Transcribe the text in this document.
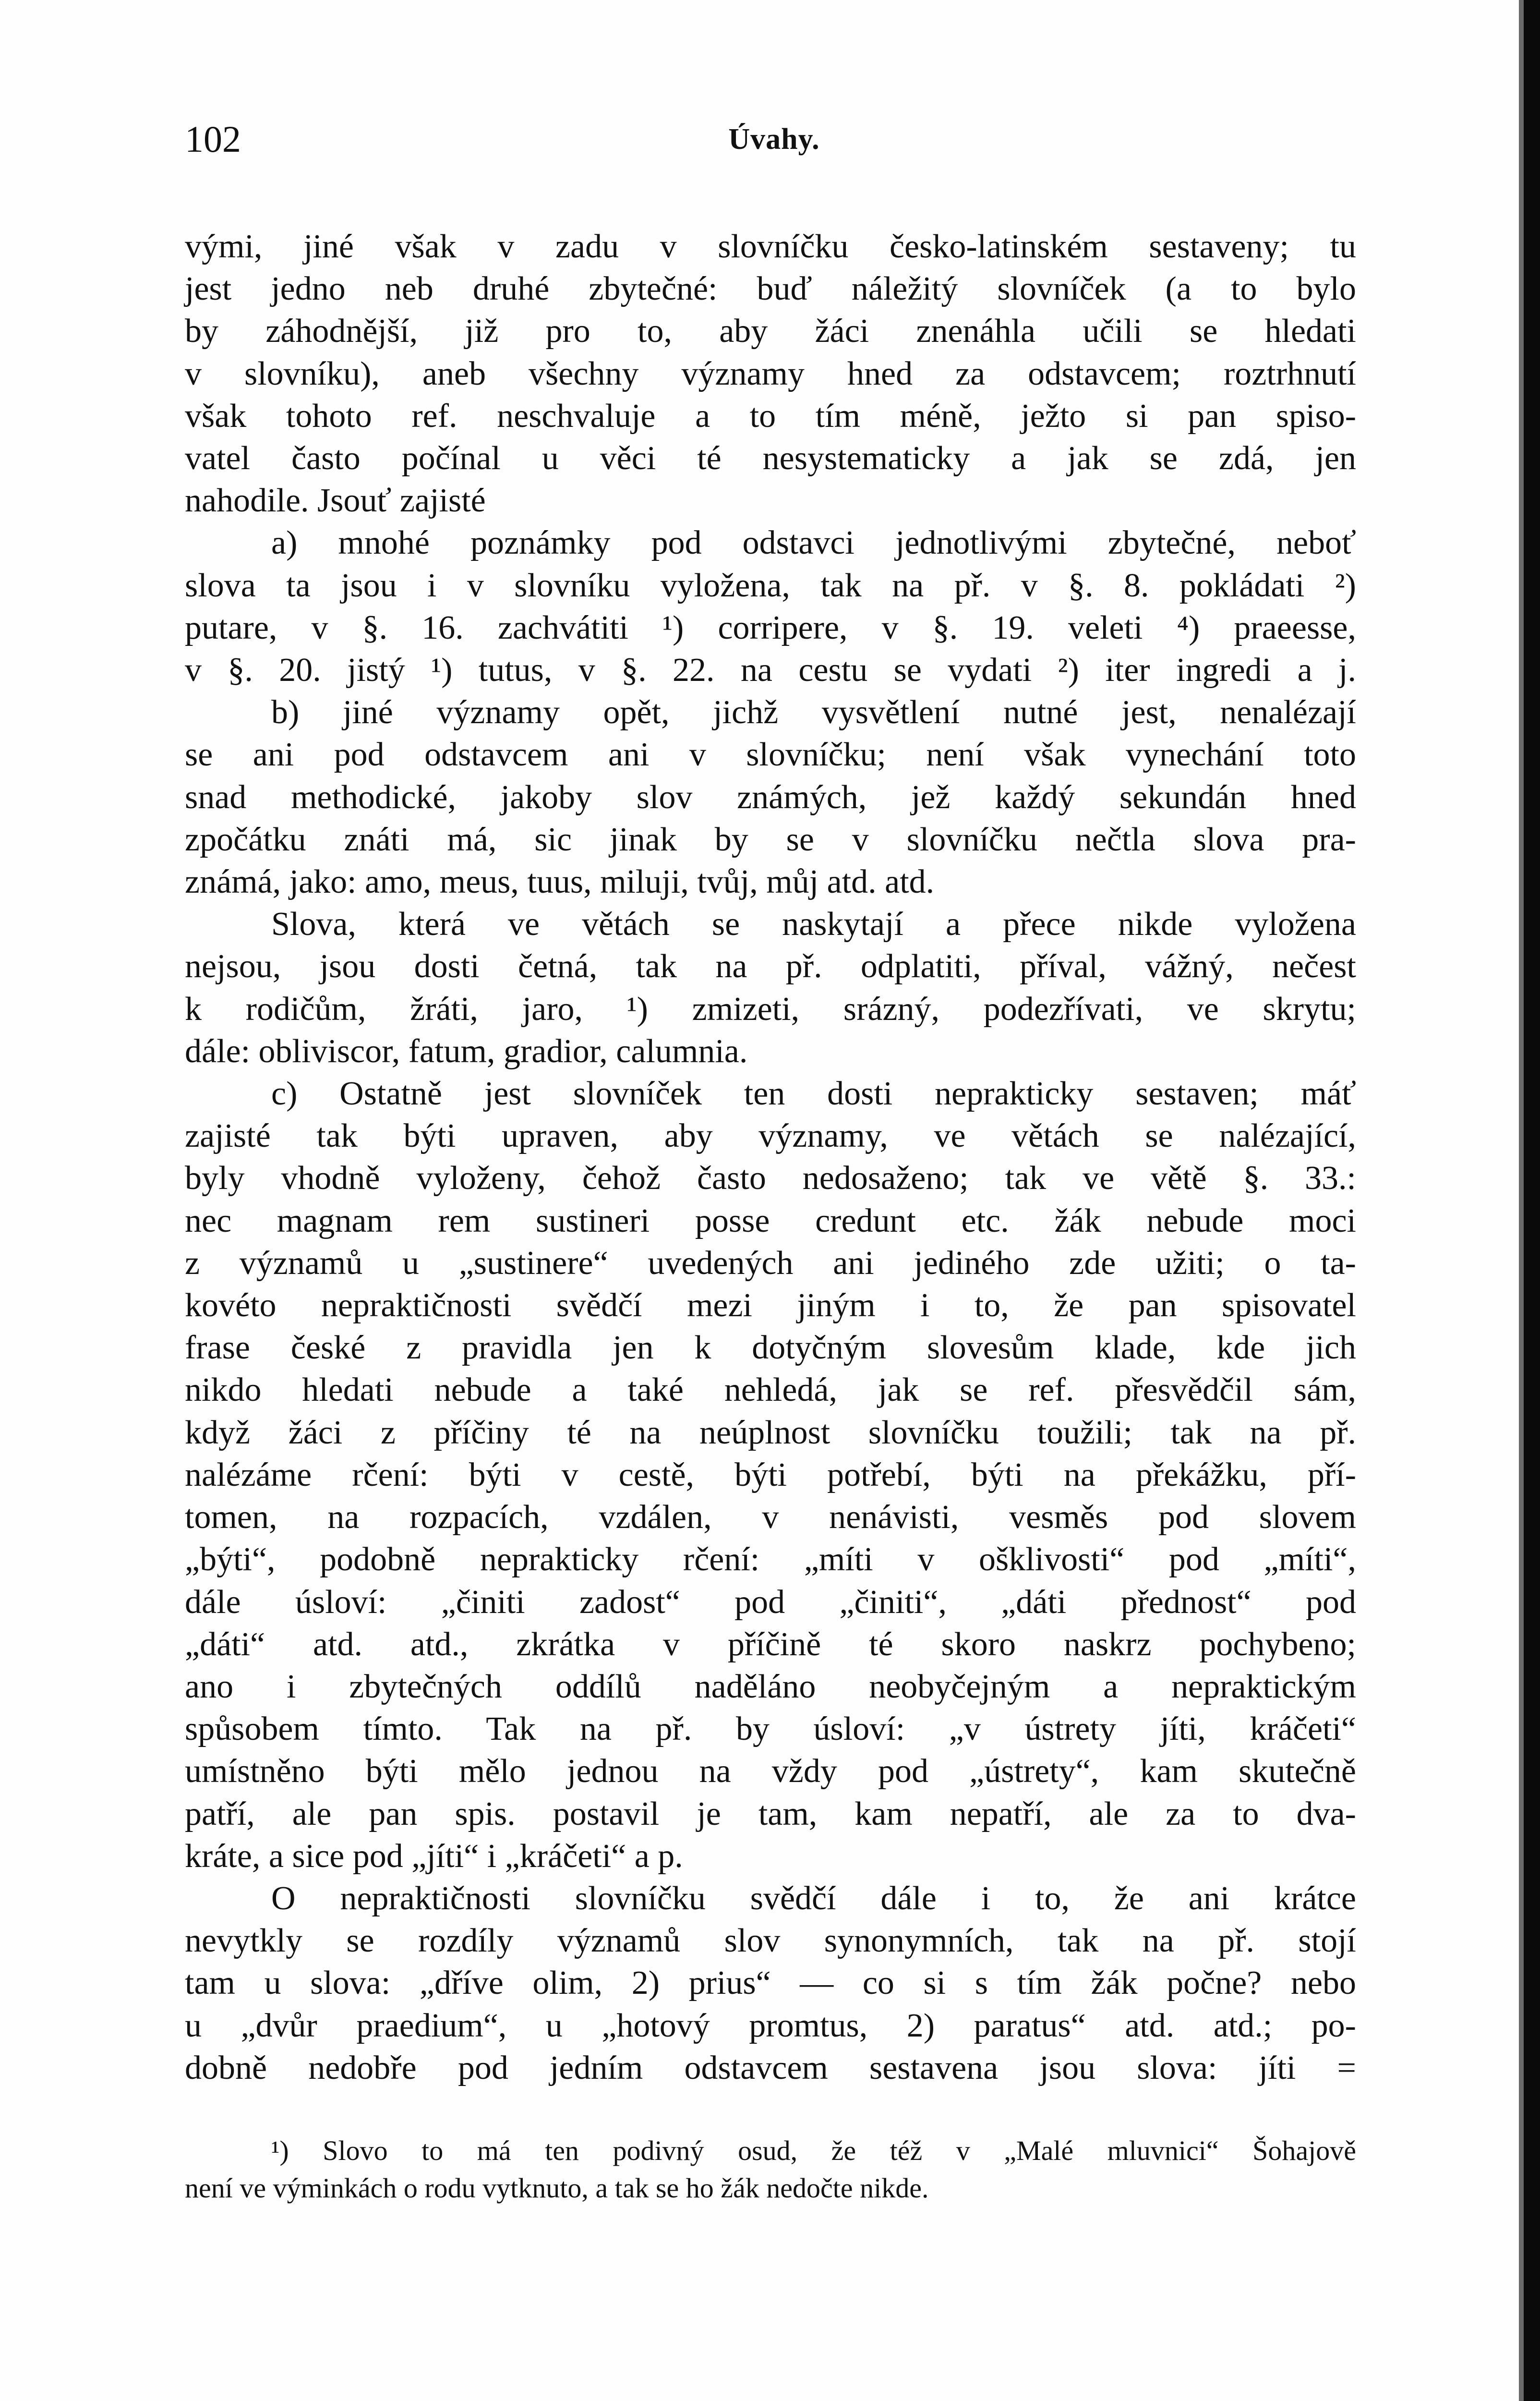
102	Úvahy.

vými, jiné však v zadu v slovníčku česko-latinském sestaveny; tu

jest jedno neb druhé zbytečné: buď náležitý slovníček (a to bylo

by záhodnější, již pro to, aby žáci znenáhla učili se hledati

v slovníku), aneb všechny významy hned za odstavcem; roztrhnutí

však tohoto ref. neschvaluje a to tím méně, ježto si pan spiso-

vatel často počínal u věci té nesystematicky a jak se zdá, jen

nahodile. Jsouť zajisté

a) mnohé poznámky pod odstavci jednotlivými zbytečné, neboť

slova ta jsou i v slovníku vyložena, tak na př. v §. 8. pokládati ²)

putare, v §. 16. zachvátiti ¹) corripere, v §. 19. veleti ⁴) praeesse,

v §. 20. jistý ¹) tutus, v §. 22. na cestu se vydati ²) iter ingredi a j.

b) jiné významy opět, jichž vysvětlení nutné jest, nenalézají

se ani pod odstavcem ani v slovníčku; není však vynechání toto

snad methodické, jakoby slov známých, jež každý sekundán hned

zpočátku znáti má, sic jinak by se v slovníčku nečtla slova pra-

známá, jako: amo, meus, tuus, miluji, tvůj, můj atd. atd.

Slova, která ve větách se naskytají a přece nikde vyložena

nejsou, jsou dosti četná, tak na př. odplatiti, příval, vážný, nečest

k rodičům, žráti, jaro, ¹) zmizeti, srázný, podezřívati, ve skrytu;

dále: obliviscor, fatum, gradior, calumnia.

c) Ostatně jest slovníček ten dosti neprakticky sestaven; máť

zajisté tak býti upraven, aby významy, ve větách se nalézající,

byly vhodně vyloženy, čehož často nedosaženo; tak ve větě §. 33.:

nec magnam rem sustineri posse credunt etc. žák nebude moci

z významů u „sustinere“ uvedených ani jediného zde užiti; o ta-

kovéto nepraktičnosti svědčí mezi jiným i to, že pan spisovatel

frase české z pravidla jen k dotyčným slovesům klade, kde jich

nikdo hledati nebude a také nehledá, jak se ref. přesvědčil sám,

když žáci z příčiny té na neúplnost slovníčku toužili; tak na př.

nalézáme rčení: býti v cestě, býti potřebí, býti na překážku, pří-

tomen, na rozpacích, vzdálen, v nenávisti, vesměs pod slovem

„býti“, podobně neprakticky rčení: „míti v ošklivosti“ pod „míti“,

dále úsloví: „činiti zadost“ pod „činiti“, „dáti přednost“ pod

„dáti“ atd. atd., zkrátka v příčině té skoro naskrz pochybeno;

ano i zbytečných oddílů naděláno neobyčejným a nepraktickým

spůsobem tímto. Tak na př. by úsloví: „v ústrety jíti, kráčeti“

umístněno býti mělo jednou na vždy pod „ústrety“, kam skutečně

patří, ale pan spis. postavil je tam, kam nepatří, ale za to dva-

kráte, a sice pod „jíti“ i „kráčeti“ a p.

O nepraktičnosti slovníčku svědčí dále i to, že ani krátce

nevytkly se rozdíly významů slov synonymních, tak na př. stojí

tam u slova: „dříve olim, 2) prius“ — co si s tím žák počne? nebo

u „dvůr praedium“, u „hotový promtus, 2) paratus“ atd. atd.; po-

dobně nedobře pod jedním odstavcem sestavena jsou slova: jíti =

¹) Slovo to má ten podivný osud, že též v „Malé mluvnici“ Šohajově

není ve výminkách o rodu vytknuto, a tak se ho žák nedočte nikde.
